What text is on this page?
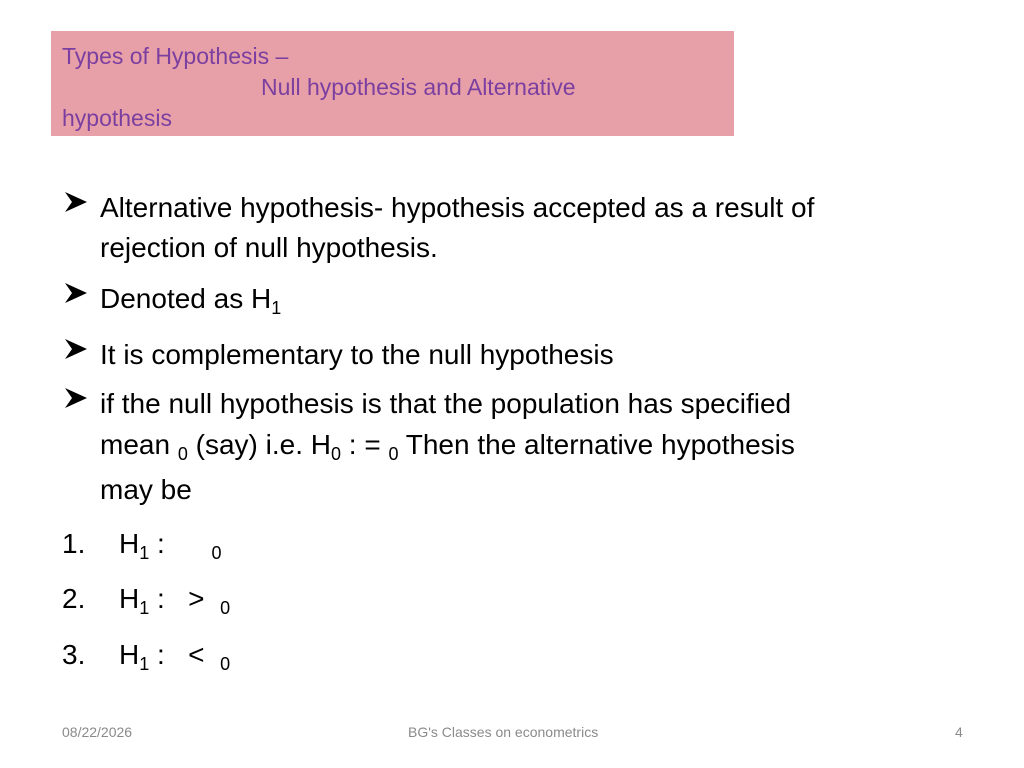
Types of Hypothesis –
Null hypothesis and Alternative
hypothesis
Alternative hypothesis- hypothesis accepted as a result of
rejection of null hypothesis.
Denoted as $H_1$
It is complementary to the null hypothesis
if the null hypothesis is that the population has specified
mean $_0$ (say) i.e. $H_0$ : = $_0$ Then the alternative hypothesis
may be
1. $H_1$ :      $_0$
2. $H_1$ :   >  $_0$
3. $H_1$ :   <  $_0$
08/22/2026	BG's Classes on econometrics	4
